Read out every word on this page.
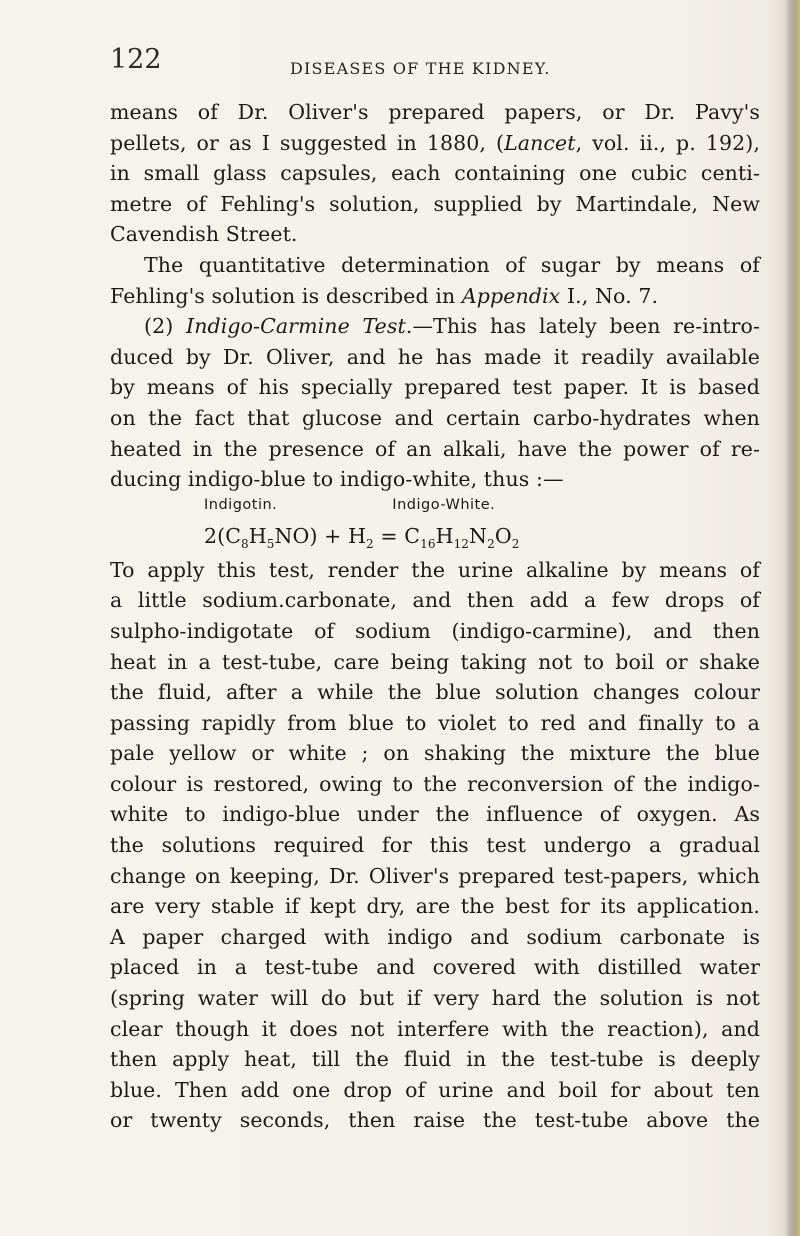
122	DISEASES OF THE KIDNEY.
means of Dr. Oliver's prepared papers, or Dr. Pavy's
pellets, or as I suggested in 1880, (Lancet, vol. ii., p. 192),
in small glass capsules, each containing one cubic centi-
metre of Fehling's solution, supplied by Martindale, New
Cavendish Street.
The quantitative determination of sugar by means of
Fehling's solution is described in Appendix I., No. 7.
(2) Indigo-Carmine Test.—This has lately been re-intro-
duced by Dr. Oliver, and he has made it readily available
by means of his specially prepared test paper. It is based
on the fact that glucose and certain carbo-hydrates when
heated in the presence of an alkali, have the power of re-
ducing indigo-blue to indigo-white, thus :—
Indigotin.	Indigo-White.
$2(C_8H_5NO) + H_2 = C_{16}H_{12}N_2O_2$
To apply this test, render the urine alkaline by means of
a little sodium.carbonate, and then add a few drops of
sulpho-indigotate of sodium (indigo-carmine), and then
heat in a test-tube, care being taking not to boil or shake
the fluid, after a while the blue solution changes colour
passing rapidly from blue to violet to red and finally to a
pale yellow or white ; on shaking the mixture the blue
colour is restored, owing to the reconversion of the indigo-
white to indigo-blue under the influence of oxygen. As
the solutions required for this test undergo a gradual
change on keeping, Dr. Oliver's prepared test-papers, which
are very stable if kept dry, are the best for its application.
A paper charged with indigo and sodium carbonate is
placed in a test-tube and covered with distilled water
(spring water will do but if very hard the solution is not
clear though it does not interfere with the reaction), and
then apply heat, till the fluid in the test-tube is deeply
blue. Then add one drop of urine and boil for about ten
or twenty seconds, then raise the test-tube above the
